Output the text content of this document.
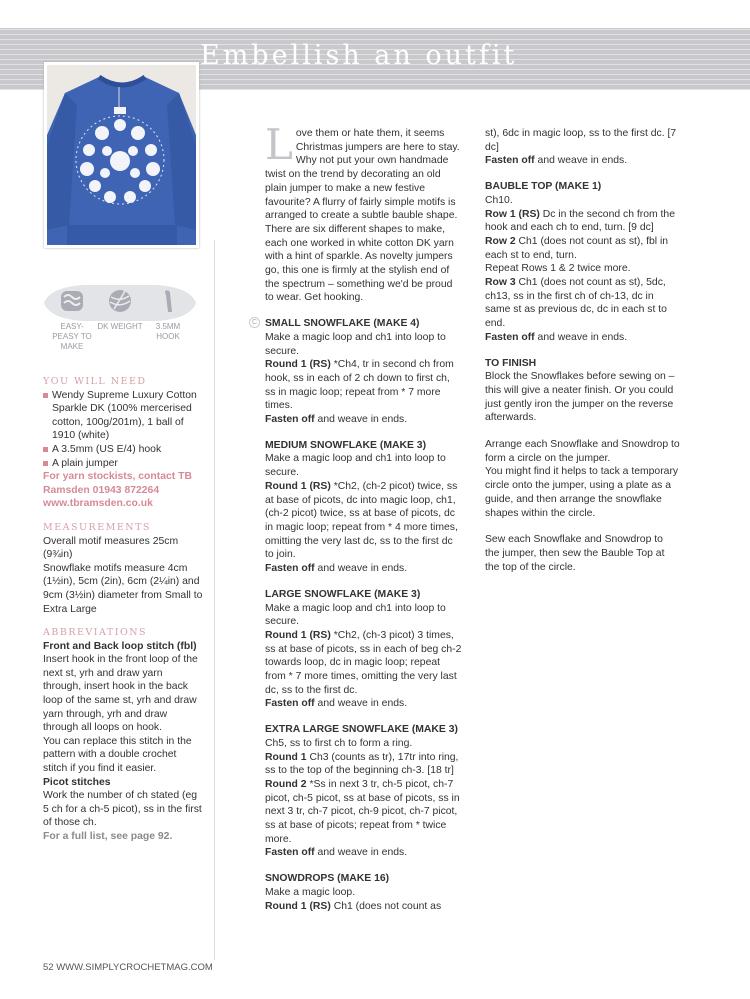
Embellish an outfit
EASY-PEASY TO MAKE
DK WEIGHT	3.5MM HOOK
YOU WILL NEED
Wendy Supreme Luxury Cotton Sparkle DK (100% mercerised cotton, 100g/201m), 1 ball of 1910 (white)
A 3.5mm (US E/4) hook
A plain jumper
For yarn stockists, contact TB Ramsden 01943 872264 www.tbramsden.co.uk
MEASUREMENTS
Overall motif measures 25cm (9¾in)
Snowflake motifs measure 4cm (1½in), 5cm (2in), 6cm (2¼in) and 9cm (3½in) diameter from Small to Extra Large
ABBREVIATIONS
Front and Back loop stitch (fbl)
Insert hook in the front loop of the next st, yrh and draw yarn through, insert hook in the back loop of the same st, yrh and draw yarn through, yrh and draw through all loops on hook.
You can replace this stitch in the pattern with a double crochet stitch if you find it easier.
Picot stitches
Work the number of ch stated (eg 5 ch for a ch-5 picot), ss in the first of those ch.
For a full list, see page 92.
C
Love them or hate them, it seems Christmas jumpers are here to stay. Why not put your own handmade twist on the trend by decorating an old plain jumper to make a new festive favourite? A flurry of fairly simple motifs is arranged to create a subtle bauble shape. There are six different shapes to make, each one worked in white cotton DK yarn with a hint of sparkle. As novelty jumpers go, this one is firmly at the stylish end of the spectrum – something we'd be proud to wear. Get hooking.
SMALL SNOWFLAKE (MAKE 4)
Make a magic loop and ch1 into loop to secure.
Round 1 (RS) *Ch4, tr in second ch from hook, ss in each of 2 ch down to first ch, ss in magic loop; repeat from * 7 more times.
Fasten off and weave in ends.
MEDIUM SNOWFLAKE (MAKE 3)
Make a magic loop and ch1 into loop to secure.
Round 1 (RS) *Ch2, (ch-2 picot) twice, ss at base of picots, dc into magic loop, ch1, (ch-2 picot) twice, ss at base of picots, dc in magic loop; repeat from * 4 more times, omitting the very last dc, ss to the first dc to join.
Fasten off and weave in ends.
LARGE SNOWFLAKE (MAKE 3)
Make a magic loop and ch1 into loop to secure.
Round 1 (RS) *Ch2, (ch-3 picot) 3 times, ss at base of picots, ss in each of beg ch-2 towards loop, dc in magic loop; repeat from * 7 more times, omitting the very last dc, ss to the first dc.
Fasten off and weave in ends.
EXTRA LARGE SNOWFLAKE (MAKE 3)
Ch5, ss to first ch to form a ring.
Round 1 Ch3 (counts as tr), 17tr into ring, ss to the top of the beginning ch-3. [18 tr]
Round 2 *Ss in next 3 tr, ch-5 picot, ch-7 picot, ch-5 picot, ss at base of picots, ss in next 3 tr, ch-7 picot, ch-9 picot, ch-7 picot, ss at base of picots; repeat from * twice more.
Fasten off and weave in ends.
SNOWDROPS (MAKE 16)
Make a magic loop.
Round 1 (RS) Ch1 (does not count as
st), 6dc in magic loop, ss to the first dc. [7 dc]
Fasten off and weave in ends.
BAUBLE TOP (MAKE 1)
Ch10.
Row 1 (RS) Dc in the second ch from the hook and each ch to end, turn. [9 dc]
Row 2 Ch1 (does not count as st), fbl in each st to end, turn.
Repeat Rows 1 & 2 twice more.
Row 3 Ch1 (does not count as st), 5dc, ch13, ss in the first ch of ch-13, dc in same st as previous dc, dc in each st to end.
Fasten off and weave in ends.
TO FINISH
Block the Snowflakes before sewing on – this will give a neater finish. Or you could just gently iron the jumper on the reverse afterwards.
Arrange each Snowflake and Snowdrop to form a circle on the jumper.
You might find it helps to tack a temporary circle onto the jumper, using a plate as a guide, and then arrange the snowflake shapes within the circle.
Sew each Snowflake and Snowdrop to the jumper, then sew the Bauble Top at the top of the circle.
52 WWW.SIMPLYCROCHETMAG.COM
